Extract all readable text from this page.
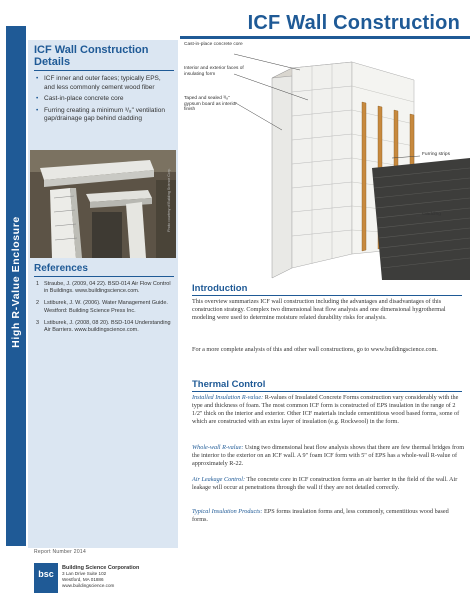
High R-Value Enclosure
ICF Wall Construction
ICF Wall Construction
Details
• ICF inner and outer faces; typically EPS, and less commonly cement wood fiber
• Cast-in-place concrete core
• Furring creating a minimum ³/₈" ventilation gap/drainage gap behind cladding
Photo courtesy of Building Science Corp.
References
1 Straube, J. (2009, 04 22). BSD-014 Air Flow Control in Buildings. www.buildingscience.com.
2 Lstiburek, J. W. (2006). Water Management Guide. Westford: Building Science Press Inc.
3 Lstiburek, J. (2008, 08 20). BSD-104 Understanding Air Barriers. www.buildingscience.com.
Report Number 2014
bsc
Building Science Corporation
3 Lan Drive Suite 102
Westford, MA 01886
www.buildingscience.com
Cast-in-place concrete core
Interior and exterior faces of insulating form
Taped and sealed ³/₈" gypsum board as interior finish
Furring strips
Cladding
Introduction
This overview summarizes ICF wall construction including the advantages and disadvantages of this construction strategy. Complex two dimensional heat flow analysis and one dimensional hygrothermal modeling were used to determine moisture related durability risks for analysis.
For a more complete analysis of this and other wall constructions, go to www.buildingscience.com.
Thermal Control
Installed Insulation R-value: R-values of Insulated Concrete Forms construction vary considerably with the type and thickness of foam. The most common ICF form is constructed of EPS insulation in the range of 2 1/2" thick on the interior and exterior. Other ICF materials include cementitious wood based forms, some of which are constructed with an extra layer of insulation (e.g. Rockwool) in the form.
Whole-wall R-value: Using two dimensional heat flow analysis shows that there are few thermal bridges from the interior to the exterior on an ICF wall. A 9" foam ICF form with 5" of EPS has a whole-wall R-value of approximately R-22.
Air Leakage Control: The concrete core in ICF construction forms an air barrier in the field of the wall. Air leakage will occur at penetrations through the wall if they are not detailed correctly.
Typical Insulation Products: EPS forms insulation forms and, less commonly, cementitious wood based forms.
